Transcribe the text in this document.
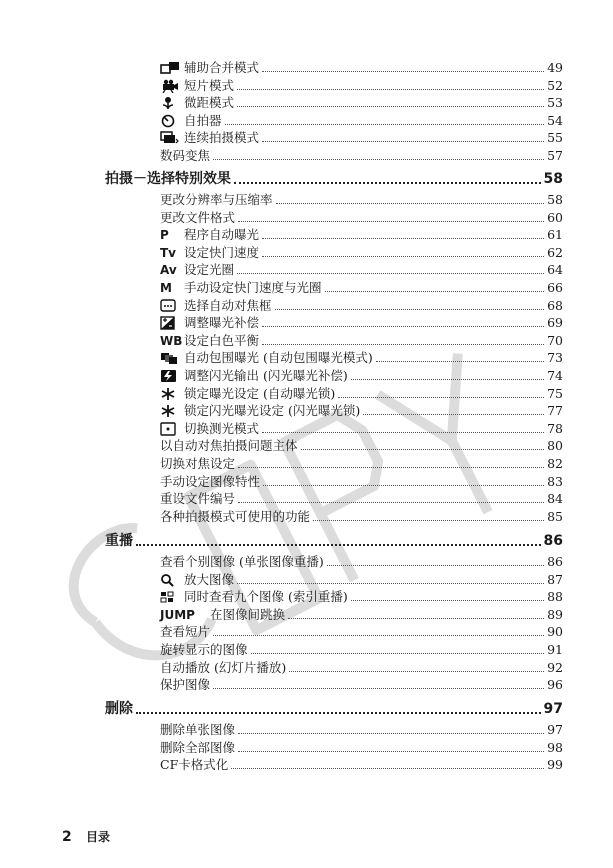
辅助合并模式	49
短片模式	52
微距模式	53
自拍器	54
连续拍摄模式	55
数码变焦	57
拍摄－选择特别效果	58
更改分辨率与压缩率	58
更改文件格式	60
P	程序自动曝光	61
Tv 设定快门速度	62
Av 设定光圈	64
M 手动设定快门速度与光圈	66
选择自动对焦框	68
调整曝光补偿	69
WB 设定白色平衡	70
自动包围曝光 (自动包围曝光模式)	73
调整闪光输出 (闪光曝光补偿)	74
锁定曝光设定 (自动曝光锁)	75
锁定闪光曝光设定 (闪光曝光锁)	77
切换测光模式	78
以自动对焦拍摄问题主体	80
切换对焦设定	82
手动设定图像特性	83
重设文件编号	84
各种拍摄模式可使用的功能	85
重播	86
查看个别图像 (单张图像重播)	86
放大图像	87
同时查看九个图像 (索引重播)	88
JUMP	在图像间跳换	89
查看短片	90
旋转显示的图像	91
自动播放 (幻灯片播放)	92
保护图像	96
删除	97
删除单张图像	97
删除全部图像	98
CF卡格式化	99
2 目录
